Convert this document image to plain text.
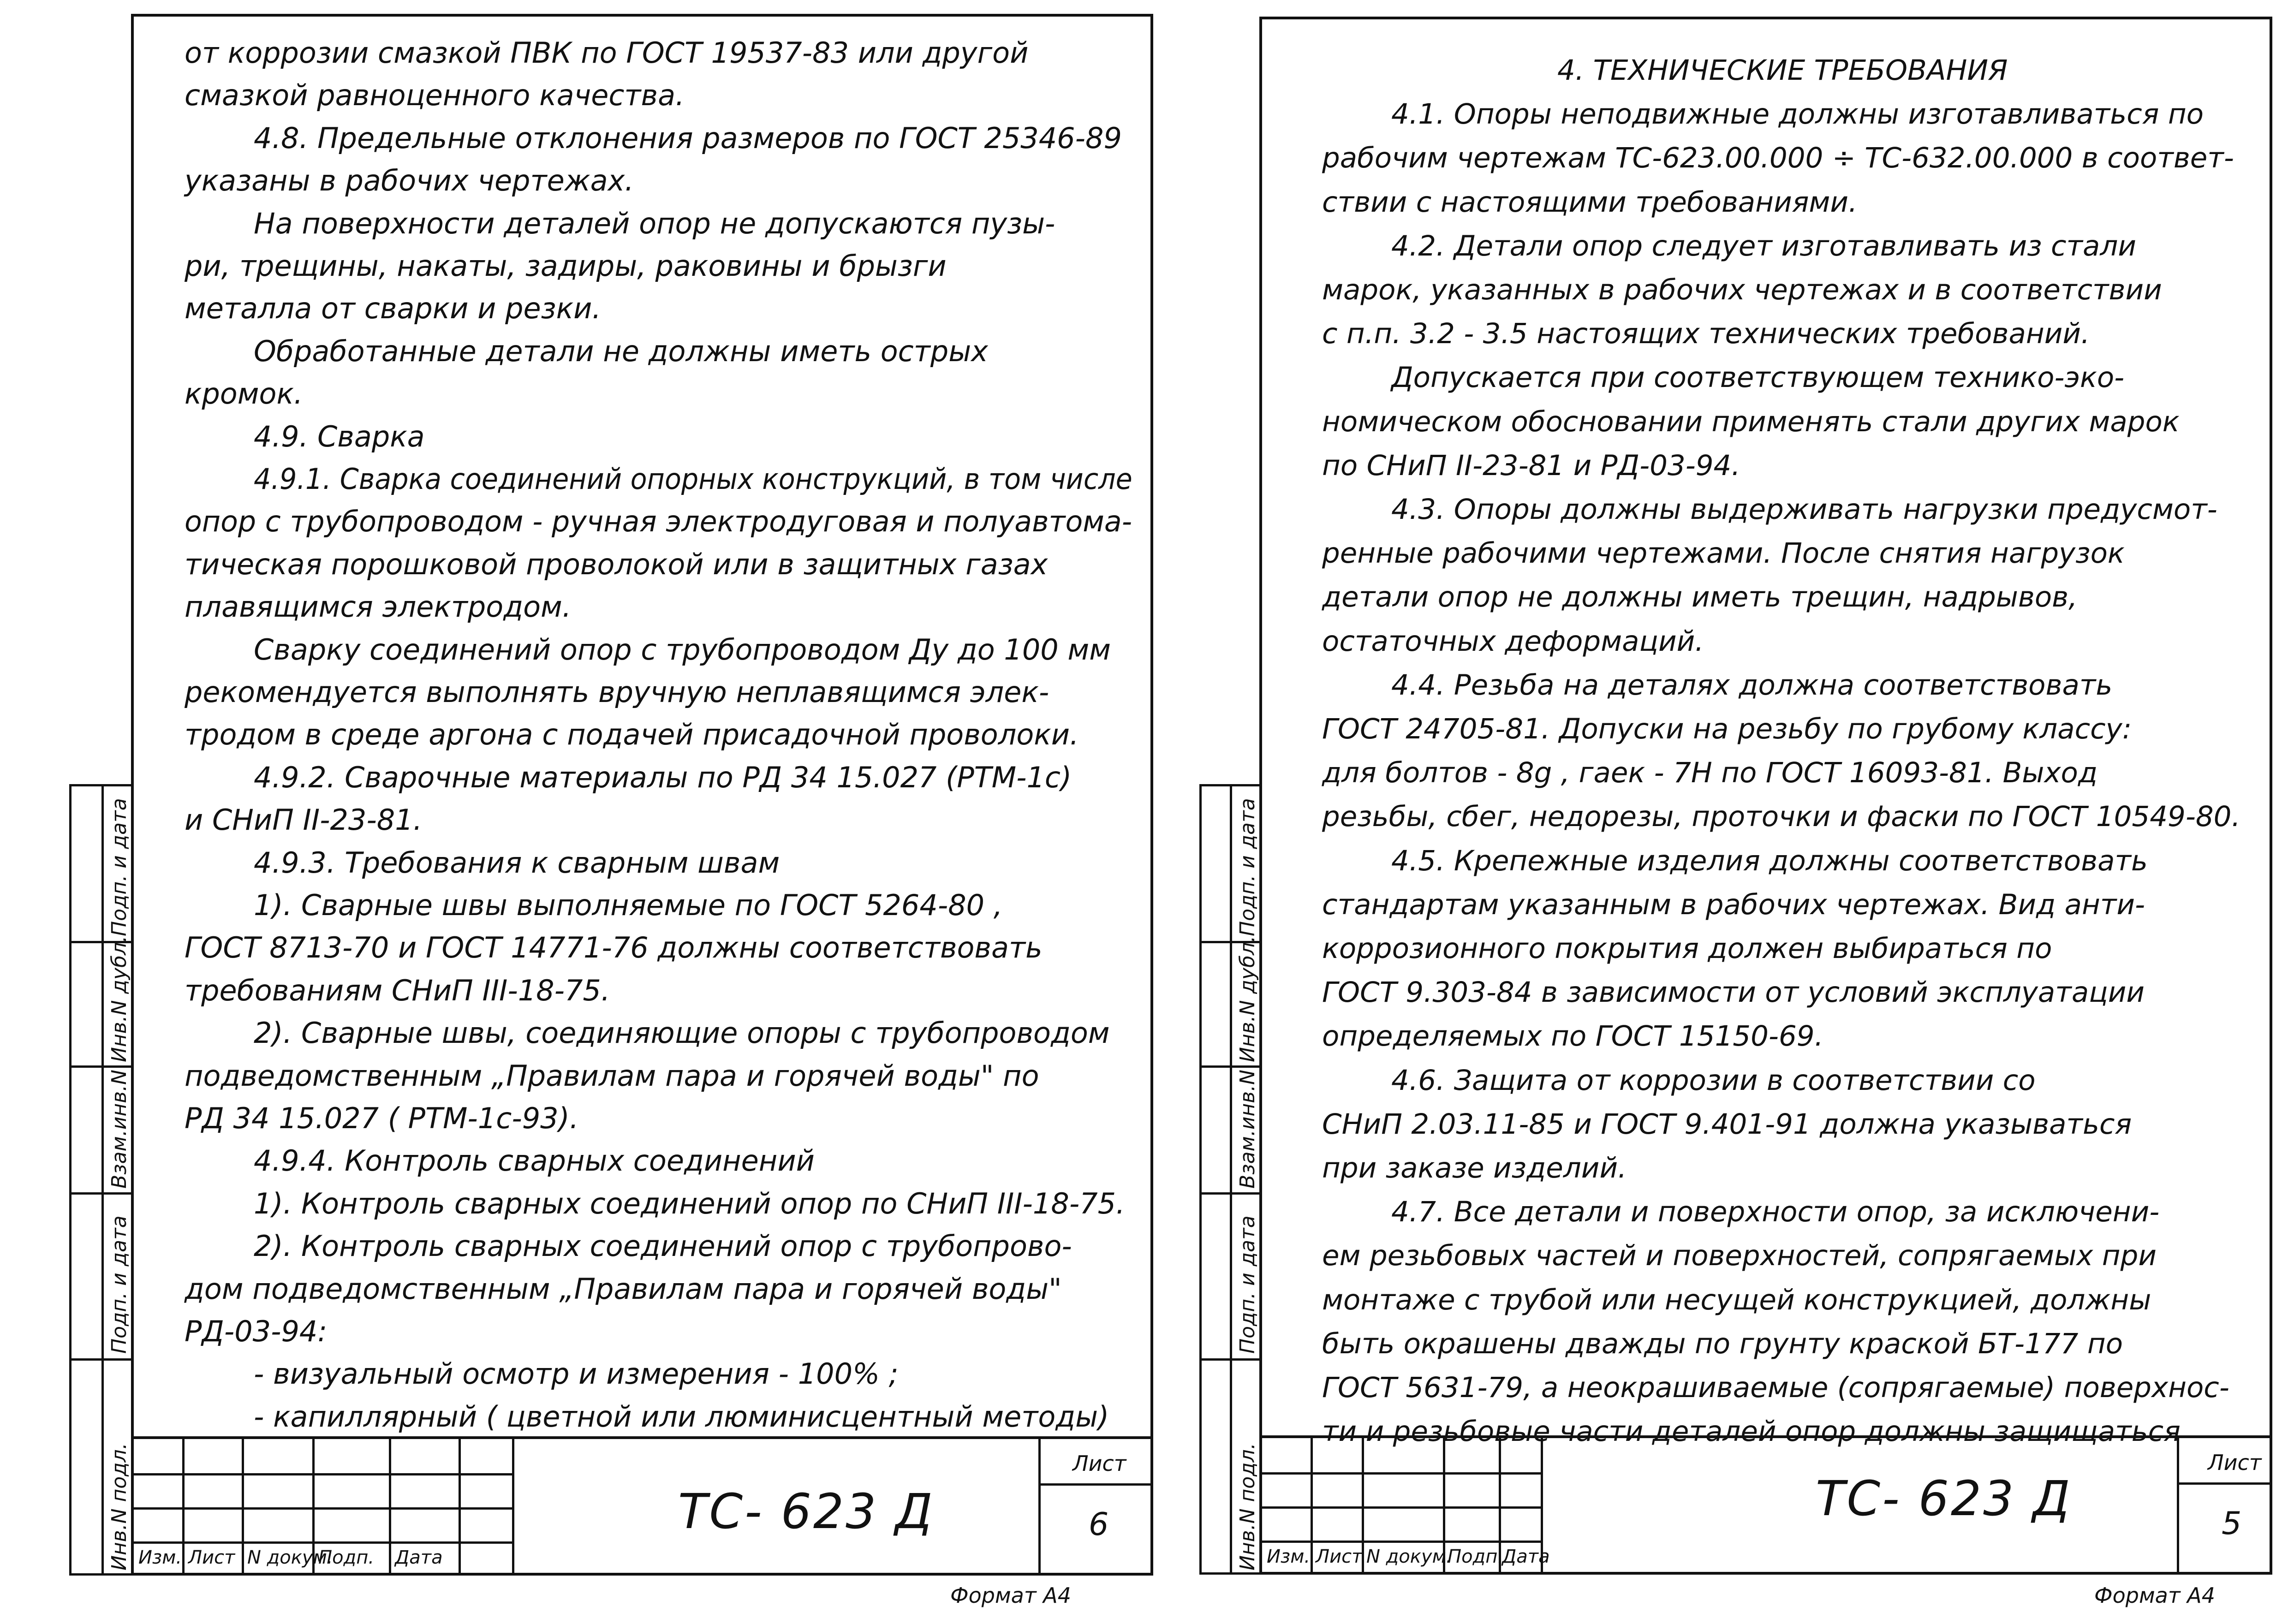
от коррозии смазкой ПВК по ГОСТ 19537-83 или другой
смазкой равноценного качества.
4.8. Предельные отклонения размеров по ГОСТ 25346-89
указаны в рабочих чертежах.
На поверхности деталей опор не допускаются пузы-
ри, трещины, накаты, задиры, раковины и брызги
металла от сварки и резки.
Обработанные детали не должны иметь острых
кромок.
4.9. Сварка
4.9.1. Сварка соединений опорных конструкций, в том числе
опор с трубопроводом - ручная электродуговая и полуавтома-
тическая порошковой проволокой или в защитных газах
плавящимся электродом.
Сварку соединений опор с трубопроводом Ду до 100 мм
рекомендуется выполнять вручную неплавящимся элек-
тродом в среде аргона с подачей присадочной проволоки.
4.9.2. Сварочные материалы по РД 34 15.027 (РТМ-1с)
и СНиП II-23-81.
4.9.3. Требования к сварным швам
1). Сварные швы выполняемые по ГОСТ 5264-80 ,
ГОСТ 8713-70 и ГОСТ 14771-76 должны соответствовать
требованиям СНиП III-18-75.
2). Сварные швы, соединяющие опоры с трубопроводом
подведомственным „Правилам пара и горячей воды" по
РД 34 15.027 ( РТМ-1с-93).
4.9.4. Контроль сварных соединений
1). Контроль сварных соединений опор по СНиП III-18-75.
2). Контроль сварных соединений опор с трубопрово-
дом подведомственным „Правилам пара и горячей воды"
РД-03-94:
- визуальный осмотр и измерения - 100% ;
- капиллярный ( цветной или люминисцентный методы)
Изм. Лист N докум.
Подп. Дата
ТС- 623 Д
Лист
6
Формат А4
Подп. и дата
Инв.N дубл.
Взам.инв.N
Подп. и дата
Инв.N подл.
4. ТЕХНИЧЕСКИЕ ТРЕБОВАНИЯ
4.1. Опоры неподвижные должны изготавливаться по
рабочим чертежам ТС-623.00.000 ÷ ТС-632.00.000 в соответ-
ствии с настоящими требованиями.
4.2. Детали опор следует изготавливать из стали
марок, указанных в рабочих чертежах и в соответствии
с п.п. 3.2 - 3.5 настоящих технических требований.
Допускается при соответствующем технико-эко-
номическом обосновании применять стали других марок
по СНиП II-23-81 и РД-03-94.
4.3. Опоры должны выдерживать нагрузки предусмот-
ренные рабочими чертежами. После снятия нагрузок
детали опор не должны иметь трещин, надрывов,
остаточных деформаций.
4.4. Резьба на деталях должна соответствовать
ГОСТ 24705-81. Допуски на резьбу по грубому классу:
для болтов - 8g , гаек - 7Н по ГОСТ 16093-81. Выход
резьбы, сбег, недорезы, проточки и фаски по ГОСТ 10549-80.
4.5. Крепежные изделия должны соответствовать
стандартам указанным в рабочих чертежах. Вид анти-
коррозионного покрытия должен выбираться по
ГОСТ 9.303-84 в зависимости от условий эксплуатации
определяемых по ГОСТ 15150-69.
4.6. Защита от коррозии в соответствии со
СНиП 2.03.11-85 и ГОСТ 9.401-91 должна указываться
при заказе изделий.
4.7. Все детали и поверхности опор, за исключени-
ем резьбовых частей и поверхностей, сопрягаемых при
монтаже с трубой или несущей конструкцией, должны
быть окрашены дважды по грунту краской БТ-177 по
ГОСТ 5631-79, а неокрашиваемые (сопрягаемые) поверхнос-
ти и резьбовые части деталей опор должны защищаться
Изм. Лист N докум.
Подп.
Дата
ТС- 623 Д
Лист
5
Формат А4
Подп. и дата
Инв.N дубл.
Взам.инв.N
Подп. и дата
Инв.N подл.
